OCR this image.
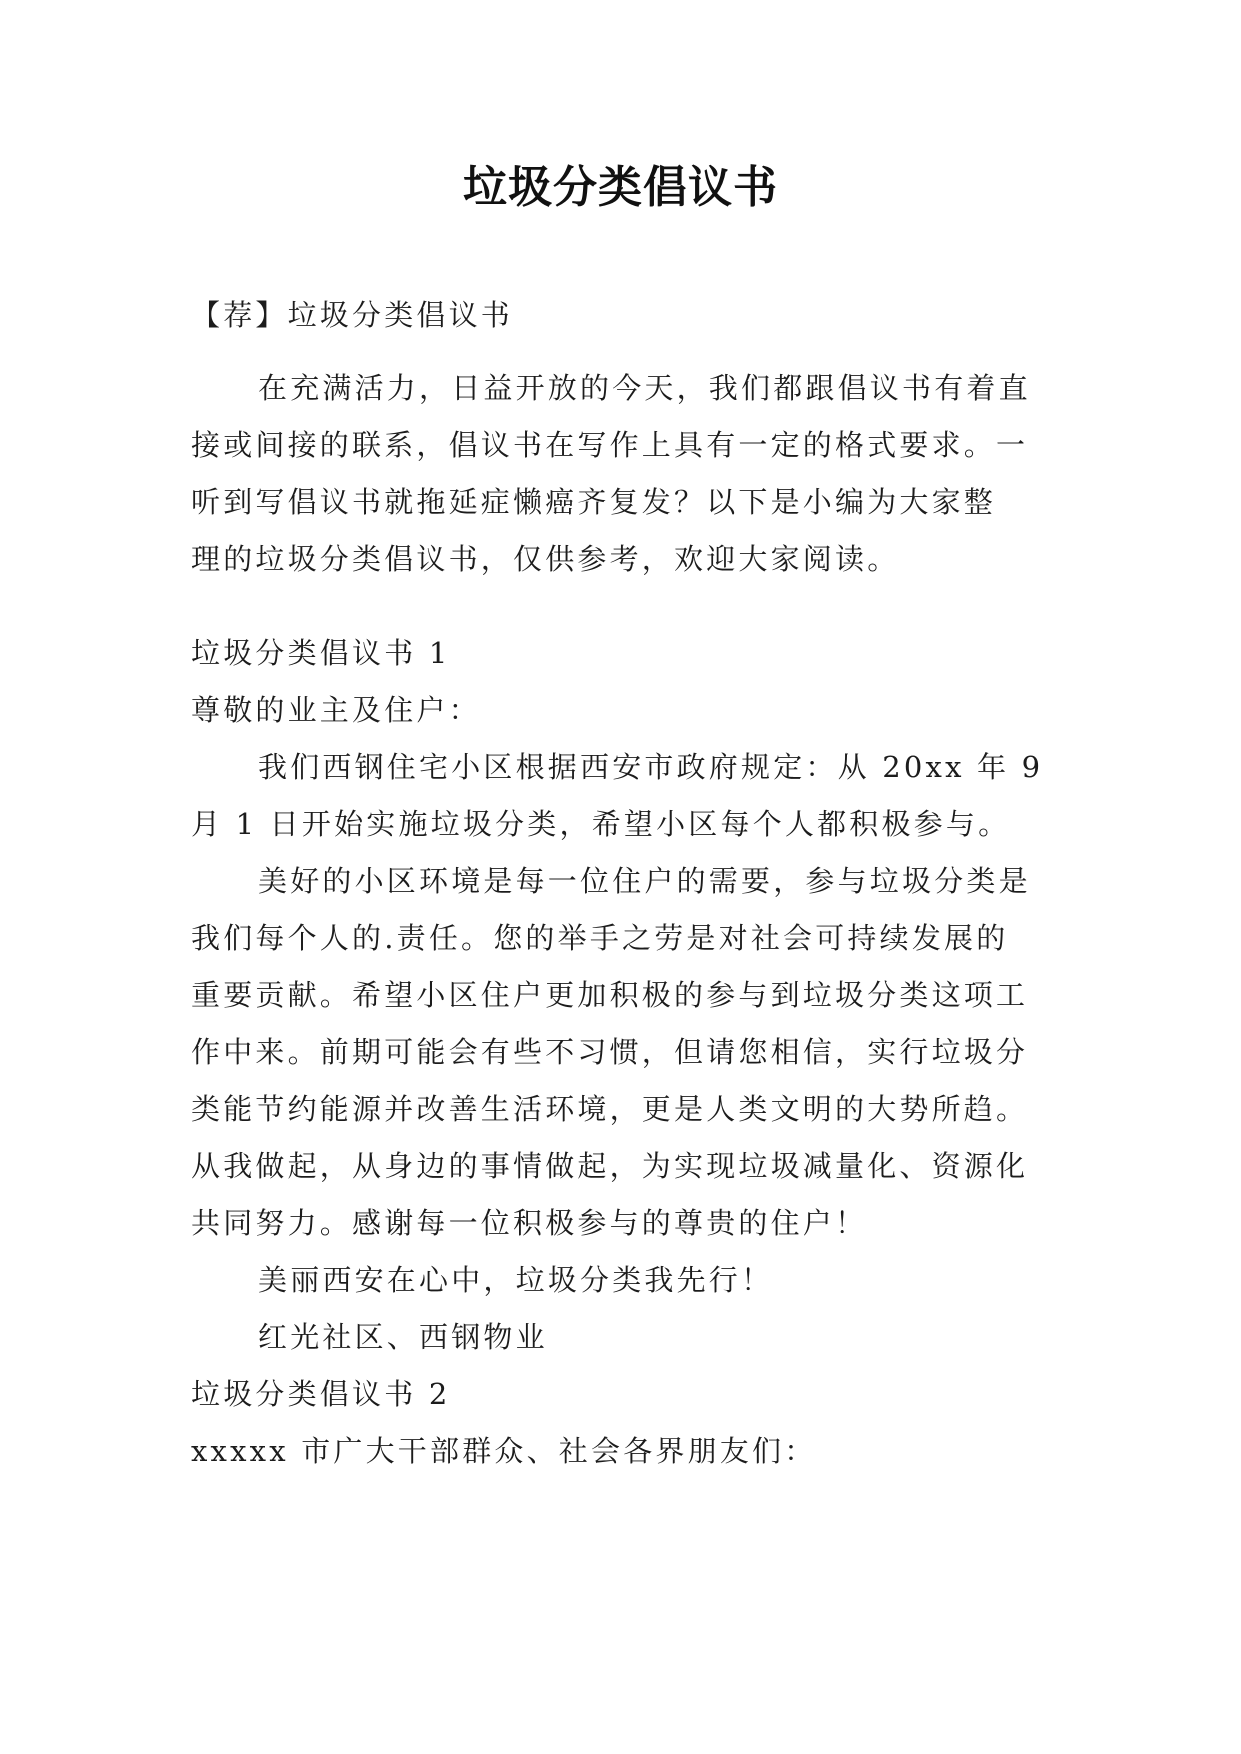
垃圾分类倡议书
【荐】垃圾分类倡议书
在充满活力，日益开放的今天，我们都跟倡议书有着直
接或间接的联系，倡议书在写作上具有一定的格式要求。一
听到写倡议书就拖延症懒癌齐复发？以下是小编为大家整
理的垃圾分类倡议书，仅供参考，欢迎大家阅读。
垃圾分类倡议书 1
尊敬的业主及住户：
我们西钢住宅小区根据西安市政府规定：从 20xx 年 9
月 1 日开始实施垃圾分类，希望小区每个人都积极参与。
美好的小区环境是每一位住户的需要，参与垃圾分类是
我们每个人的.责任。您的举手之劳是对社会可持续发展的
重要贡献。希望小区住户更加积极的参与到垃圾分类这项工
作中来。前期可能会有些不习惯，但请您相信，实行垃圾分
类能节约能源并改善生活环境，更是人类文明的大势所趋。
从我做起，从身边的事情做起，为实现垃圾减量化、资源化
共同努力。感谢每一位积极参与的尊贵的住户！
美丽西安在心中，垃圾分类我先行！
红光社区、西钢物业
垃圾分类倡议书 2
xxxxx 市广大干部群众、社会各界朋友们：
